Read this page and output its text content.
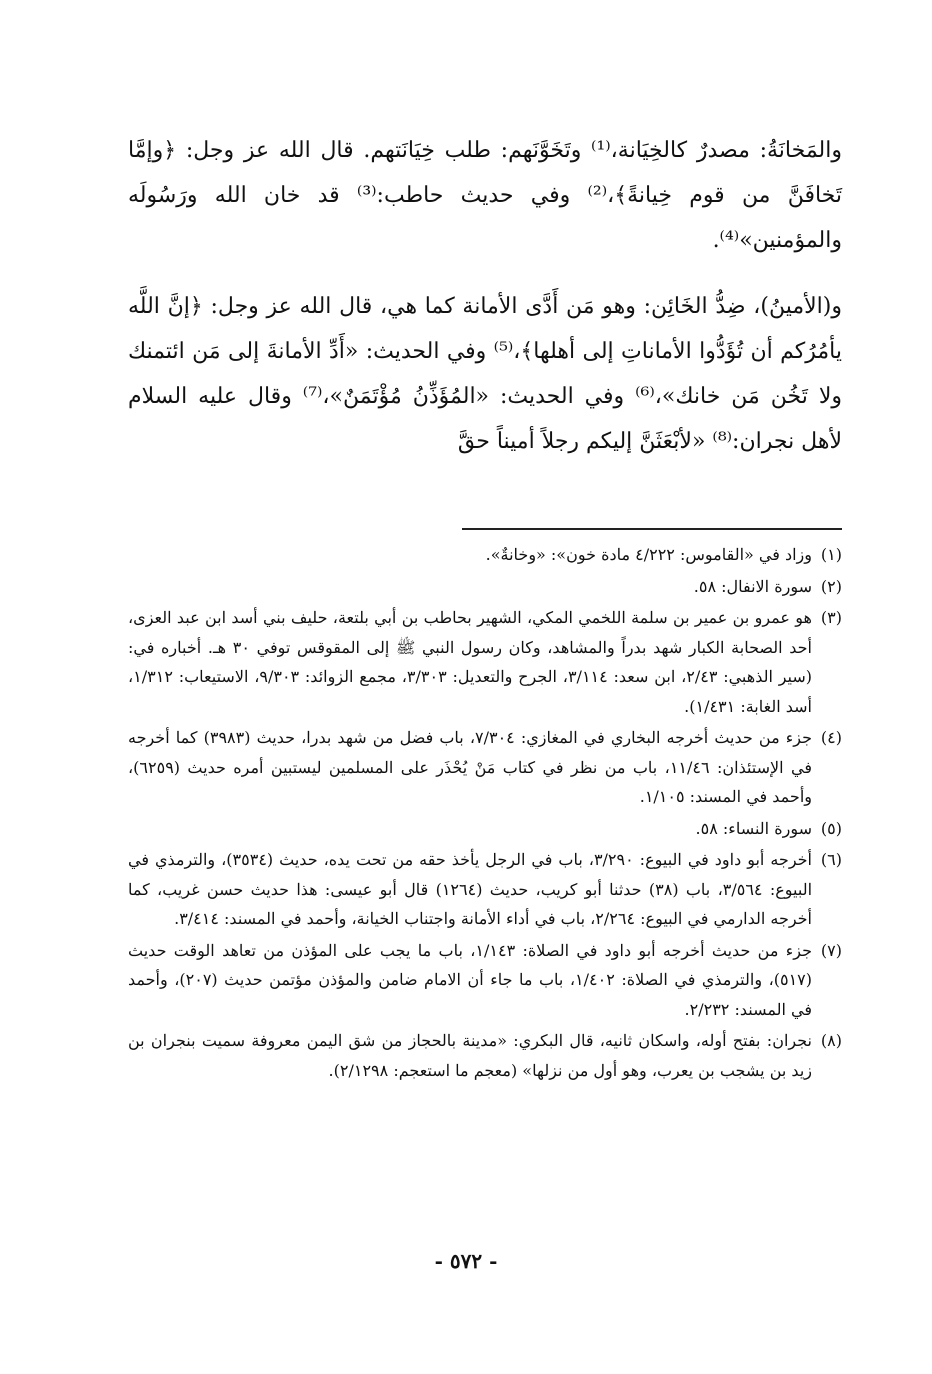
والمَخانَةُ: مصدرٌ كالخِيَانة،⁽¹⁾ وتَخَوَّنَهم: طلب خِيَانَتهم. قال الله عز وجل: ﴿وإمَّا تَخافَنَّ من قوم خِيانةً﴾،⁽²⁾ وفي حديث حاطب:⁽³⁾ قد خان الله ورَسُولَه والمؤمنين»⁽⁴⁾.

و(الأمينُ)، ضِدُّ الخَائِن: وهو مَن أَدَّى الأمانة كما هي، قال الله عز وجل: ﴿إنَّ اللَّه يأمُرُكم أن تُؤَدُّوا الأماناتِ إلى أهلها﴾،⁽⁵⁾ وفي الحديث: «أَدِّ الأمانةَ إلى مَن ائتمنك ولا تَخُن مَن خانك»،⁽⁶⁾ وفي الحديث: «المُؤَذِّنُ مُؤْتَمَنٌ»،⁽⁷⁾ وقال عليه السلام لأهل نجران:⁽⁸⁾ «لأبْعَثَنَّ إليكم رجلاً أميناً حقَّ

(١)
وزاد في «القاموس: ٤/٢٢٢ مادة خون»: «وخانةٌ».
(٢)
سورة الانفال: ٥٨.
(٣)
هو عمرو بن عمير بن سلمة اللخمي المكي، الشهير بحاطب بن أبي بلتعة، حليف بني أسد ابن عبد العزى، أحد الصحابة الكبار شهد بدراً والمشاهد، وكان رسول النبي ﷺ إلى المقوقس توفي ٣٠ هـ. أخباره في: (سير الذهبي: ٢/٤٣، ابن سعد: ٣/١١٤، الجرح والتعديل: ٣/٣٠٣، مجمع الزوائد: ٩/٣٠٣، الاستيعاب: ١/٣١٢، أسد الغابة: ١/٤٣١).
(٤)
جزء من حديث أخرجه البخاري في المغازي: ٧/٣٠٤، باب فضل من شهد بدرا، حديث (٣٩٨٣) كما أخرجه في الإستئذان: ١١/٤٦، باب من نظر في كتاب مَنْ يُحْذَر على المسلمين ليستبين أمره حديث (٦٢٥٩)، وأحمد في المسند: ١/١٠٥.
(٥)
سورة النساء: ٥٨.
(٦)
أخرجه أبو داود في البيوع: ٣/٢٩٠، باب في الرجل يأخذ حقه من تحت يده، حديث (٣٥٣٤)، والترمذي في البيوع: ٣/٥٦٤، باب (٣٨) حدثنا أبو كريب، حديث (١٢٦٤) قال أبو عيسى: هذا حديث حسن غريب، كما أخرجه الدارمي في البيوع: ٢/٢٦٤، باب في أداء الأمانة واجتناب الخيانة، وأحمد في المسند: ٣/٤١٤.
(٧)
جزء من حديث أخرجه أبو داود في الصلاة: ١/١٤٣، باب ما يجب على المؤذن من تعاهد الوقت حديث (٥١٧)، والترمذي في الصلاة: ١/٤٠٢، باب ما جاء أن الامام ضامن والمؤذن مؤتمن حديث (٢٠٧)، وأحمد في المسند: ٢/٢٣٢.
(٨)
نجران: بفتح أوله، واسكان ثانيه، قال البكري: «مدينة بالحجاز من شق اليمن معروفة سميت بنجران بن زيد بن يشجب بن يعرب، وهو أول من نزلها» (معجم ما استعجم: ٢/١٢٩٨).
- ٥٧٢ -
